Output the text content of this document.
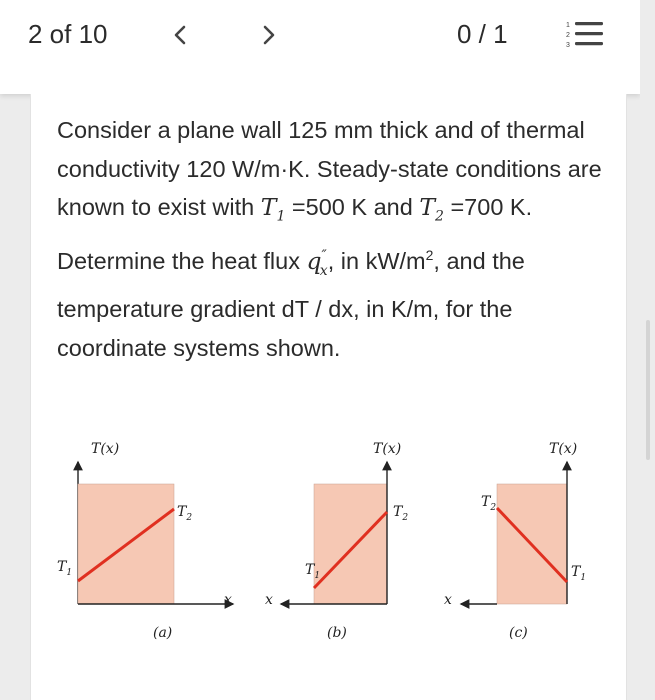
2 of 10	0 / 1	1
2
3
Consider a plane wall 125 mm thick and of thermal conductivity 120 W/m·K. Steady-state conditions are known to exist with $T_1 =500$ K and $T_2 =700$ K. Determine the heat flux $q''_x$, in $kW/m^2$, and the temperature gradient dT / dx, in K/m, for the coordinate systems shown.
T(x)
$T_1$
$T_2$
x
(a)
T(x)
$T_1$
$T_2$
x
(b)
T(x)
$T_1$
$T_2$
x
(c)
